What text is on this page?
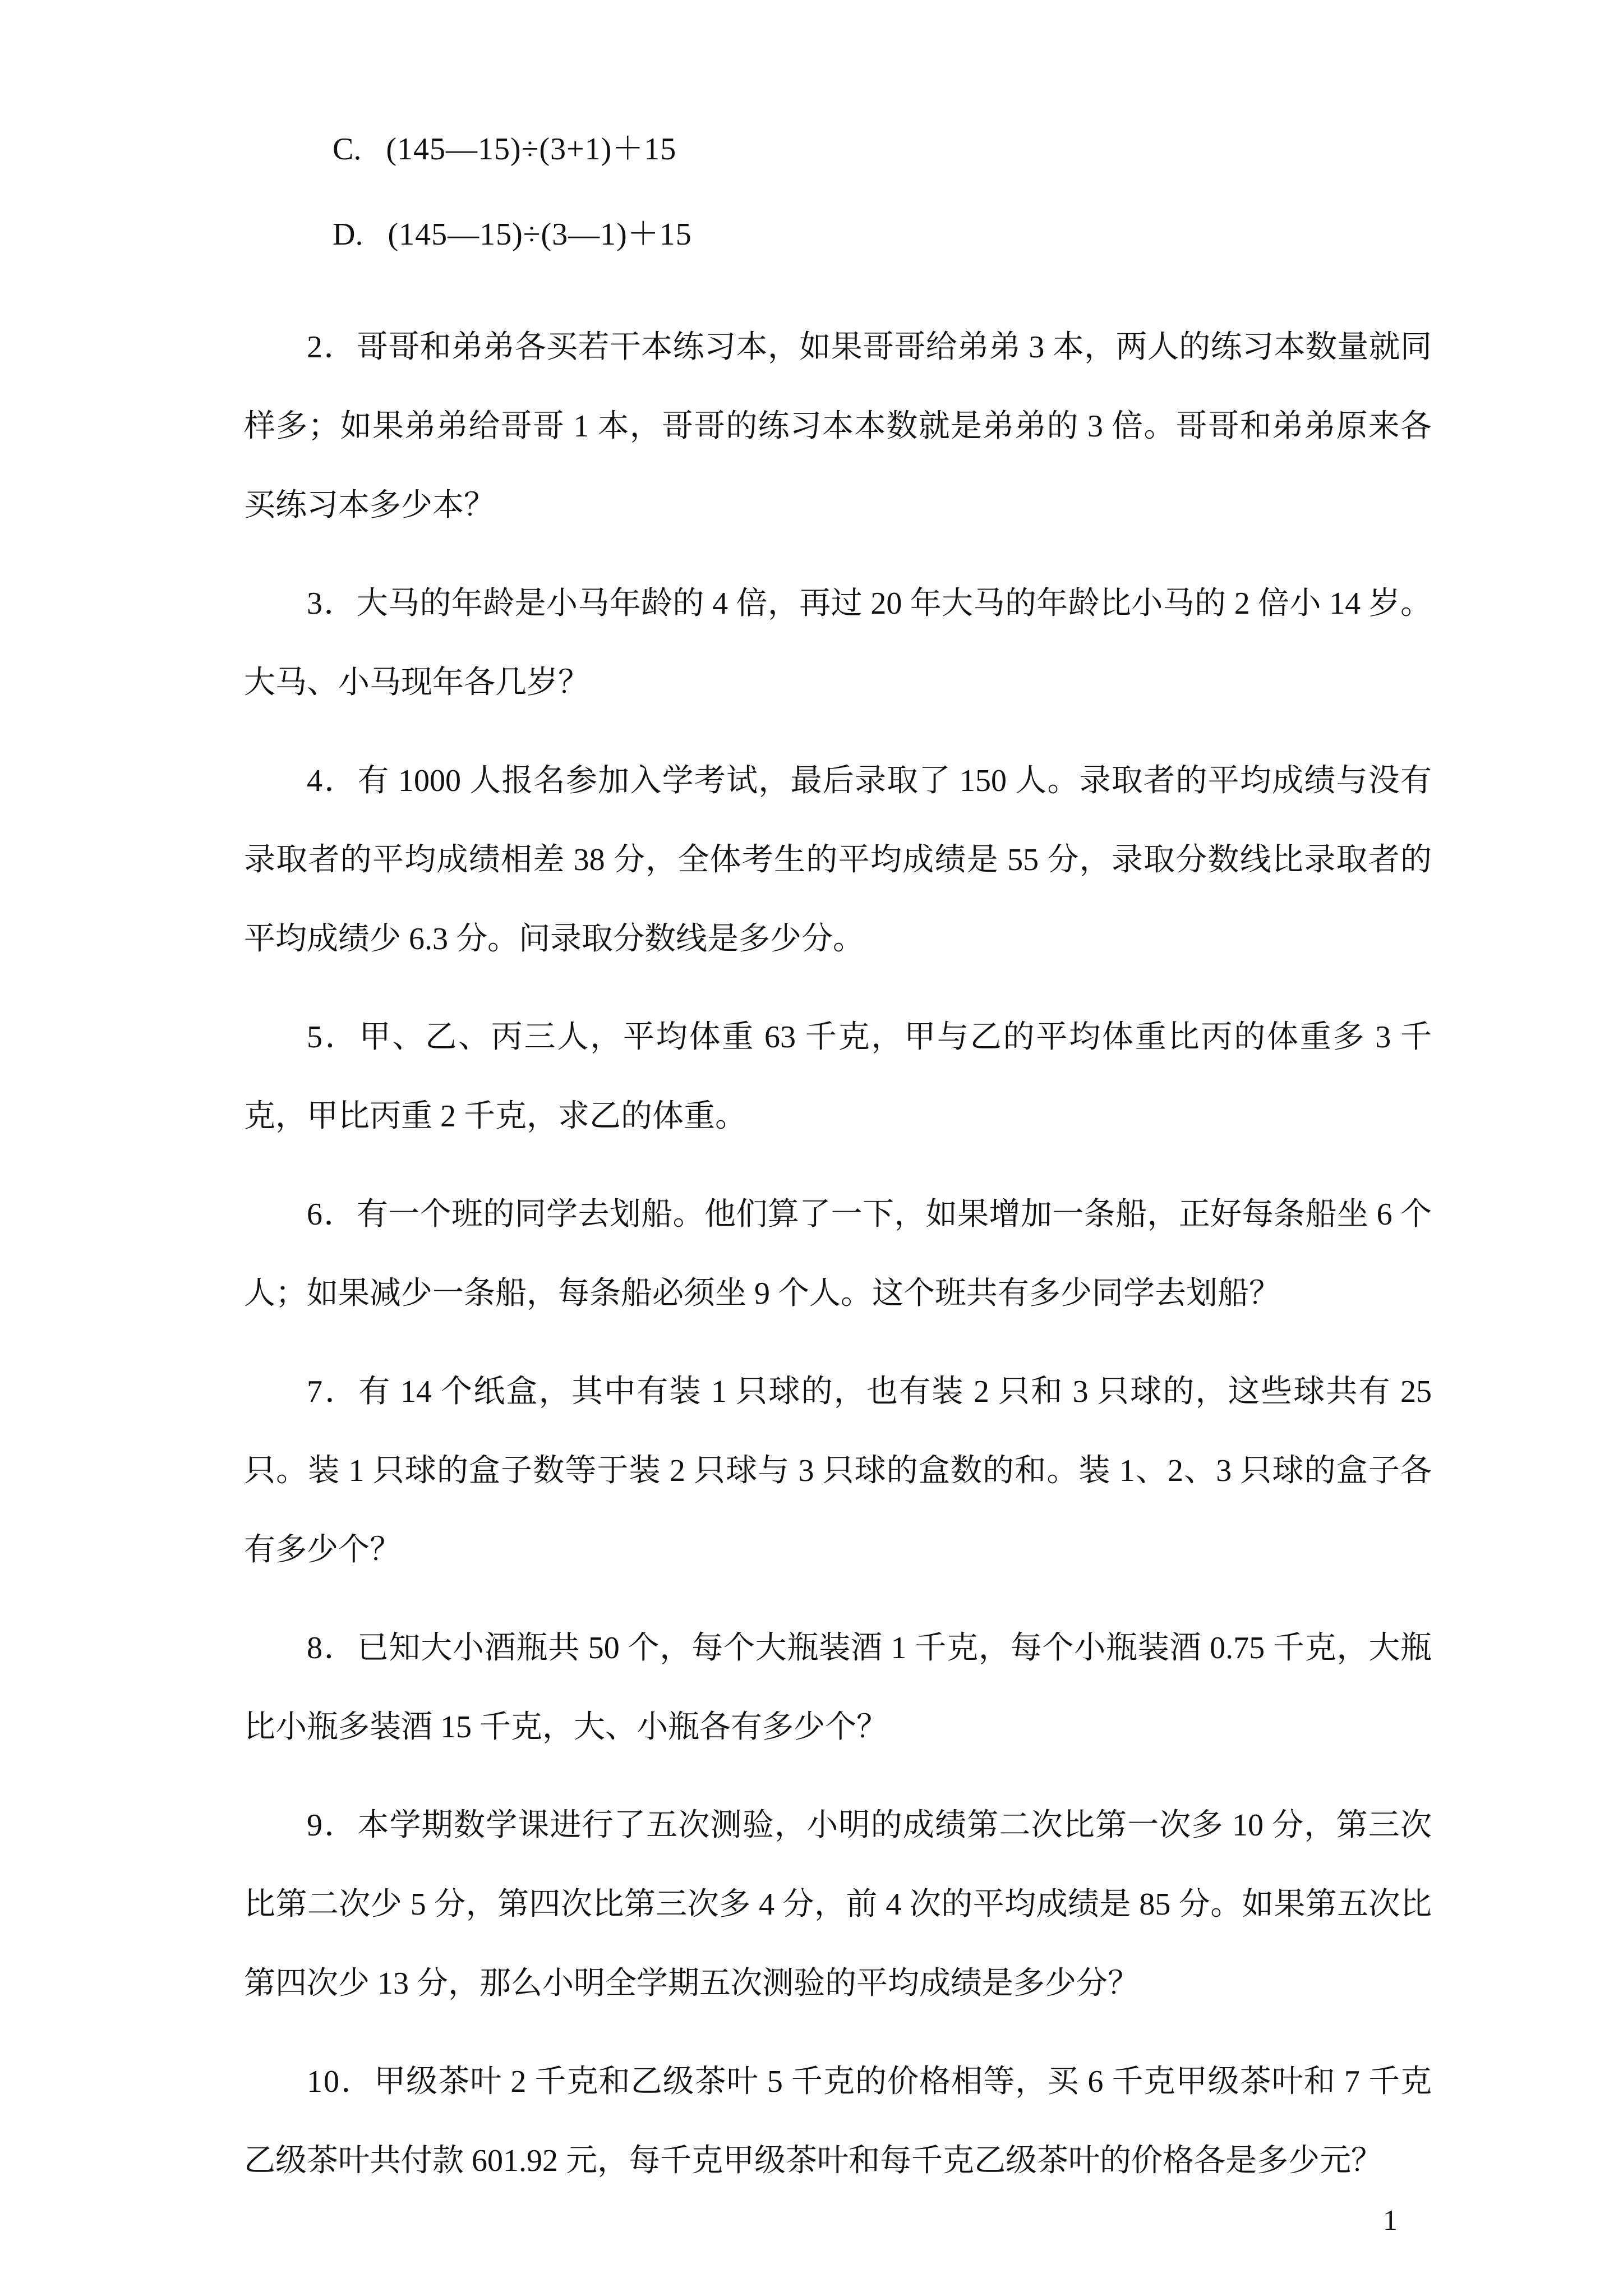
C. (145—15)÷(3+1)＋15
D. (145—15)÷(3—1)＋15

2．哥哥和弟弟各买若干本练习本，如果哥哥给弟弟 3 本，两人的练习本数量就同样多；如果弟弟给哥哥 1 本，哥哥的练习本本数就是弟弟的 3 倍。哥哥和弟弟原来各买练习本多少本？

3．大马的年龄是小马年龄的 4 倍，再过 20 年大马的年龄比小马的 2 倍小 14 岁。大马、小马现年各几岁？

4．有 1000 人报名参加入学考试，最后录取了 150 人。录取者的平均成绩与没有录取者的平均成绩相差 38 分，全体考生的平均成绩是 55 分，录取分数线比录取者的平均成绩少 6.3 分。问录取分数线是多少分。

5．甲、乙、丙三人，平均体重 63 千克，甲与乙的平均体重比丙的体重多 3 千克，甲比丙重 2 千克，求乙的体重。

6．有一个班的同学去划船。他们算了一下，如果增加一条船，正好每条船坐 6 个人；如果减少一条船，每条船必须坐 9 个人。这个班共有多少同学去划船？

7．有 14 个纸盒，其中有装 1 只球的，也有装 2 只和 3 只球的，这些球共有 25 只。装 1 只球的盒子数等于装 2 只球与 3 只球的盒数的和。装 1、2、3 只球的盒子各有多少个？

8．已知大小酒瓶共 50 个，每个大瓶装酒 1 千克，每个小瓶装酒 0.75 千克，大瓶比小瓶多装酒 15 千克，大、小瓶各有多少个？

9．本学期数学课进行了五次测验，小明的成绩第二次比第一次多 10 分，第三次比第二次少 5 分，第四次比第三次多 4 分，前 4 次的平均成绩是 85 分。如果第五次比第四次少 13 分，那么小明全学期五次测验的平均成绩是多少分？

10．甲级茶叶 2 千克和乙级茶叶 5 千克的价格相等，买 6 千克甲级茶叶和 7 千克乙级茶叶共付款 601.92 元，每千克甲级茶叶和每千克乙级茶叶的价格各是多少元？

1
